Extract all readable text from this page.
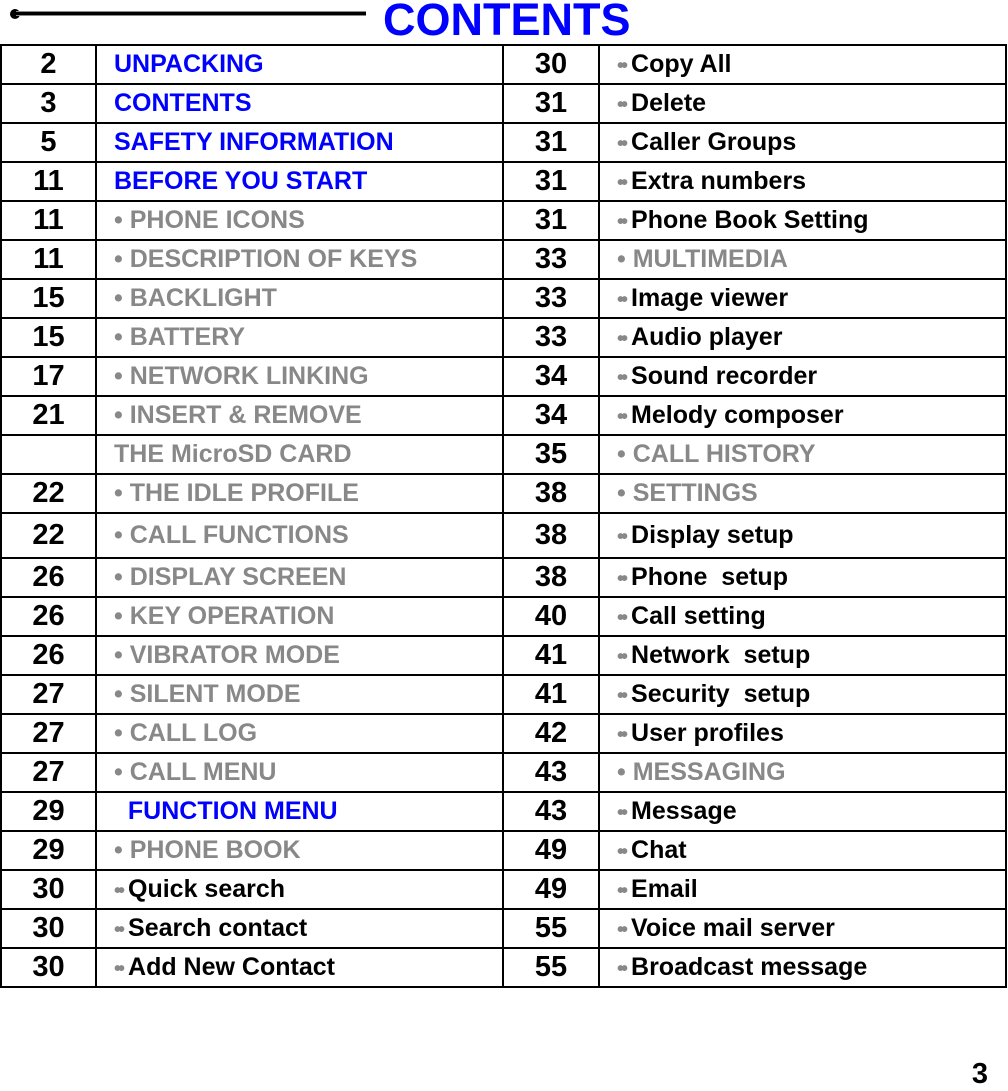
CONTENTS
2	UNPACKING	30	•• Copy All
3	CONTENTS	31	•• Delete
5	SAFETY INFORMATION	31	•• Caller Groups
11	BEFORE YOU START	31	•• Extra numbers
11	• PHONE ICONS	31	•• Phone Book Setting
11	• DESCRIPTION OF KEYS	33	• MULTIMEDIA
15	• BACKLIGHT	33	•• Image viewer
15	• BATTERY	33	•• Audio player
17	• NETWORK LINKING	34	•• Sound recorder
21	• INSERT & REMOVE	34	•• Melody composer
	THE MicroSD CARD	35	• CALL HISTORY
22	• THE IDLE PROFILE	38	• SETTINGS
22	• CALL FUNCTIONS	38	•• Display setup
26	• DISPLAY SCREEN	38	•• Phone  setup
26	• KEY OPERATION	40	•• Call setting
26	• VIBRATOR MODE	41	•• Network  setup
27	• SILENT MODE	41	•• Security  setup
27	• CALL LOG	42	•• User profiles
27	• CALL MENU	43	• MESSAGING
29	FUNCTION MENU	43	•• Message
29	• PHONE BOOK	49	•• Chat
30	•• Quick search	49	•• Email
30	•• Search contact	55	•• Voice mail server
30	•• Add New Contact	55	•• Broadcast message
3
